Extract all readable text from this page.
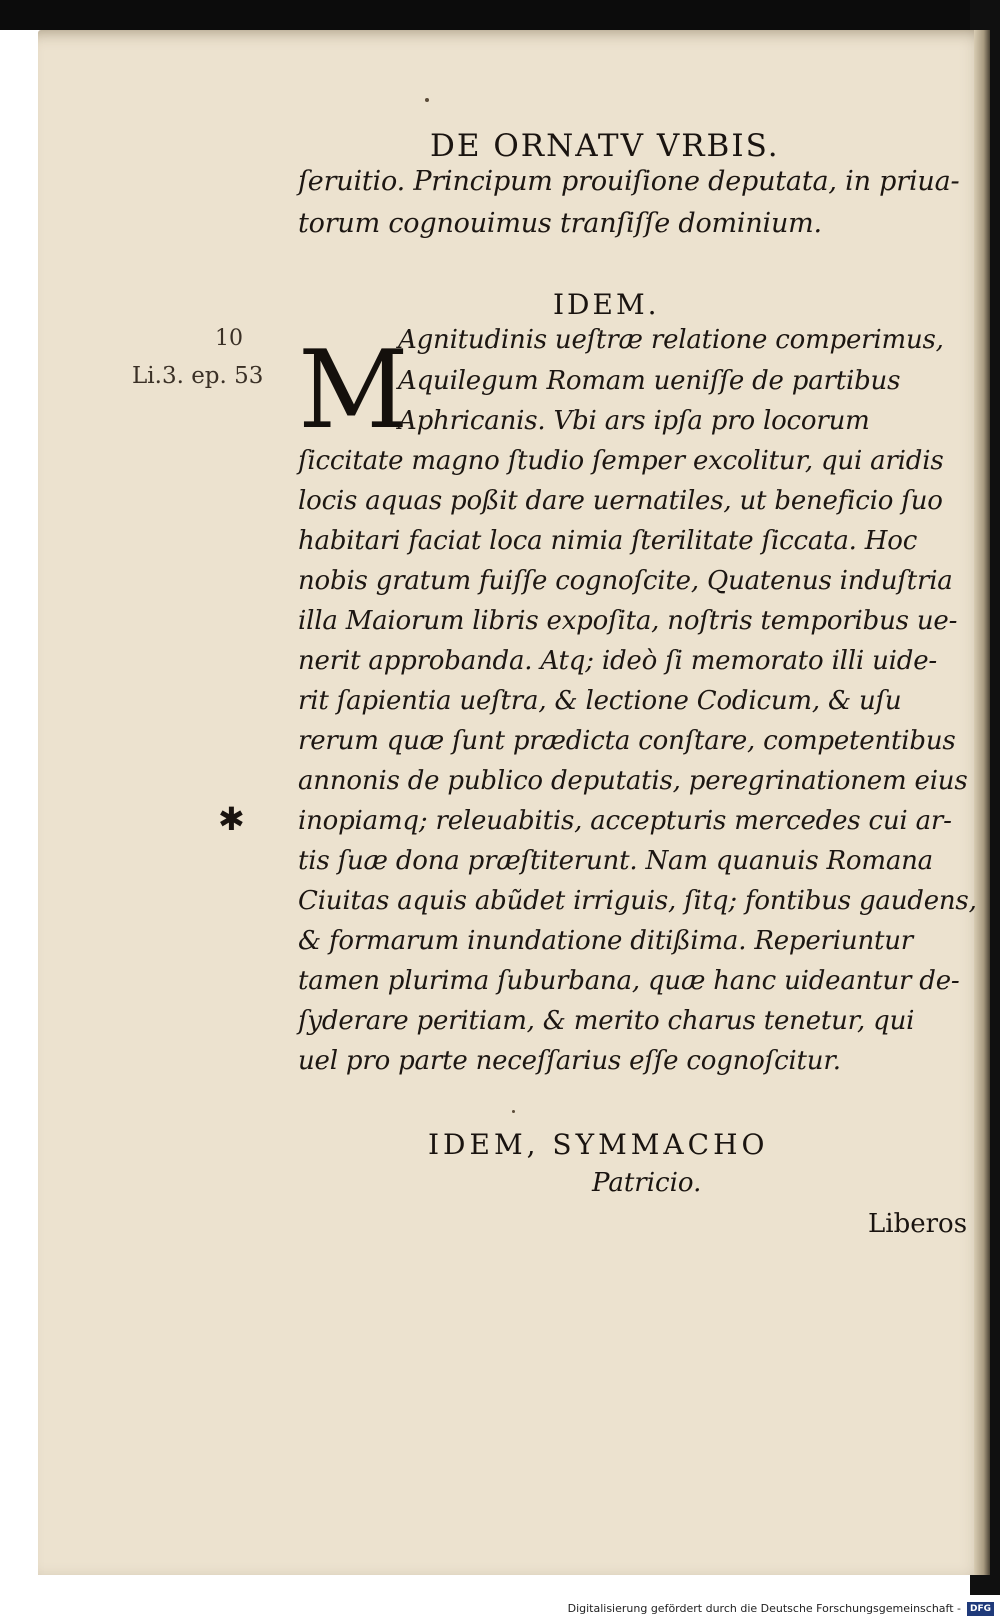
DE ORNATV VRBIS.
ſeruitio. Principum prouiſione deputata, in priua-
torum cognouimus tranſiſſe dominium.
IDEM.
10
Li.3. ep. 53
✱
M
Agnitudinis ueſtræ relatione comperimus,
Aquilegum Romam ueniſſe de partibus
Aphricanis. Vbi ars ipſa pro locorum
ſiccitate magno ſtudio ſemper excolitur, qui aridis
locis aquas poßit dare uernatiles, ut beneficio ſuo
habitari faciat loca nimia ſterilitate ſiccata. Hoc
nobis gratum fuiſſe cognoſcite, Quatenus induſtria
illa Maiorum libris expoſita, noſtris temporibus ue-
nerit approbanda. Atq; ideò ſi memorato illi uide-
rit ſapientia ueſtra, & lectione Codicum, & uſu
rerum quæ ſunt prædicta conſtare, competentibus
annonis de publico deputatis, peregrinationem eius
inopiamq; releuabitis, accepturis mercedes cui ar-
tis ſuæ dona præſtiterunt. Nam quanuis Romana
Ciuitas aquis abũdet irriguis, ſitq; fontibus gaudens,
& formarum inundatione ditißima. Reperiuntur
tamen plurima ſuburbana, quæ hanc uideantur de-
ſyderare peritiam, & merito charus tenetur, qui
uel pro parte neceſſarius eſſe cognoſcitur.
IDEM, SYMMACHO
Patricio.
Liberos
Digitalisierung gefördert durch die Deutsche Forschungsgemeinschaft - DFG
